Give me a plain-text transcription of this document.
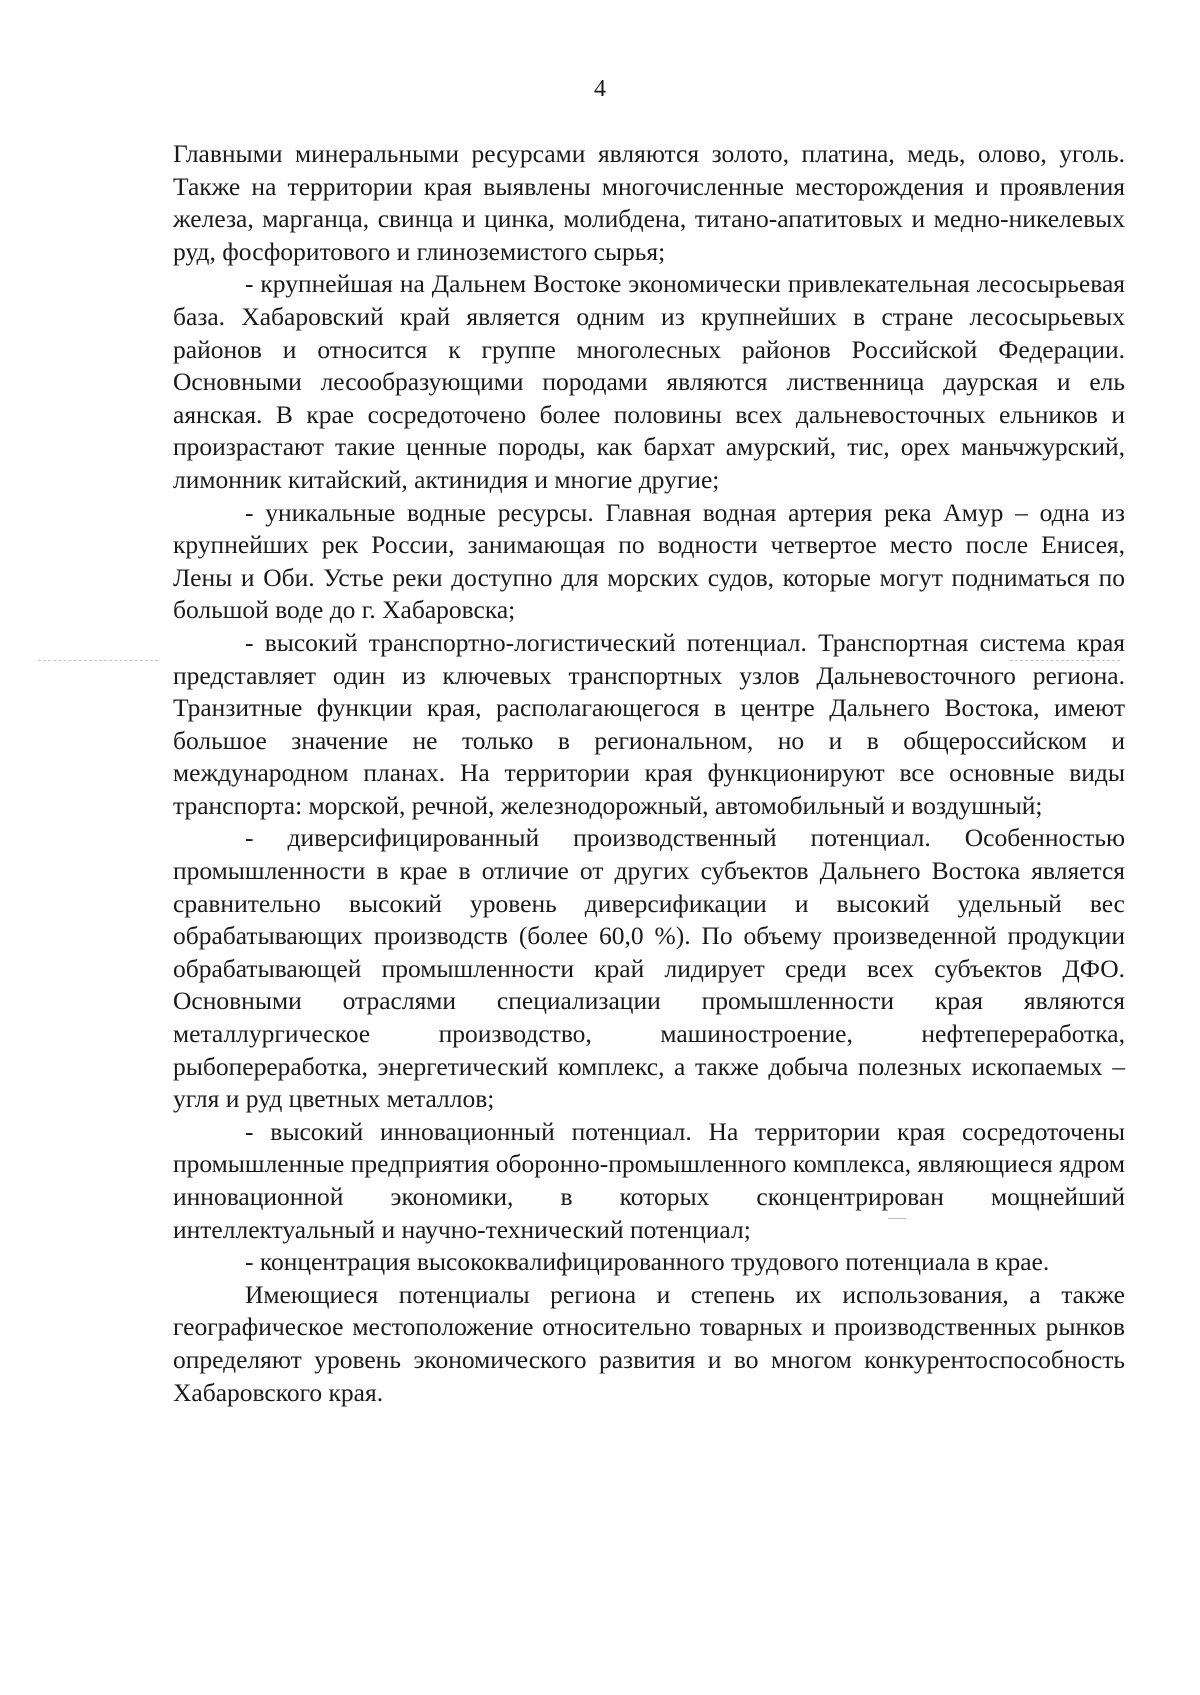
4

Главными минеральными ресурсами являются золото, платина, медь, олово, уголь. Также на территории края выявлены многочисленные месторождения и проявления железа, марганца, свинца и цинка, молибдена, титано-апатитовых и медно-никелевых руд, фосфоритового и глиноземистого сырья;

- крупнейшая на Дальнем Востоке экономически привлекательная лесосырьевая база. Хабаровский край является одним из крупнейших в стране лесосырьевых районов и относится к группе многолесных районов Российской Федерации. Основными лесообразующими породами являются лиственница даурская и ель аянская. В крае сосредоточено более половины всех дальневосточных ельников и произрастают такие ценные породы, как бархат амурский, тис, орех маньчжурский, лимонник китайский, актинидия и многие другие;

- уникальные водные ресурсы. Главная водная артерия река Амур – одна из крупнейших рек России, занимающая по водности четвертое место после Енисея, Лены и Оби. Устье реки доступно для морских судов, которые могут подниматься по большой воде до г. Хабаровска;

- высокий транспортно-логистический потенциал. Транспортная система края представляет один из ключевых транспортных узлов Дальневосточного региона. Транзитные функции края, располагающегося в центре Дальнего Востока, имеют большое значение не только в региональном, но и в общероссийском и международном планах. На территории края функционируют все основные виды транспорта: морской, речной, железнодорожный, автомобильный и воздушный;

- диверсифицированный производственный потенциал. Особенностью промышленности в крае в отличие от других субъектов Дальнего Востока является сравнительно высокий уровень диверсификации и высокий удельный вес обрабатывающих производств (более 60,0 %). По объему произведенной продукции обрабатывающей промышленности край лидирует среди всех субъектов ДФО. Основными отраслями специализации промышленности края являются металлургическое производство, машиностроение, нефтепереработка, рыбопереработка, энергетический комплекс, а также добыча полезных ископаемых – угля и руд цветных металлов;

- высокий инновационный потенциал. На территории края сосредоточены промышленные предприятия оборонно-промышленного комплекса, являющиеся ядром инновационной экономики, в которых сконцентрирован мощнейший интеллектуальный и научно-технический потенциал;

- концентрация высококвалифицированного трудового потенциала в крае.

Имеющиеся потенциалы региона и степень их использования, а также географическое местоположение относительно товарных и производственных рынков определяют уровень экономического развития и во многом конкурентоспособность Хабаровского края.
